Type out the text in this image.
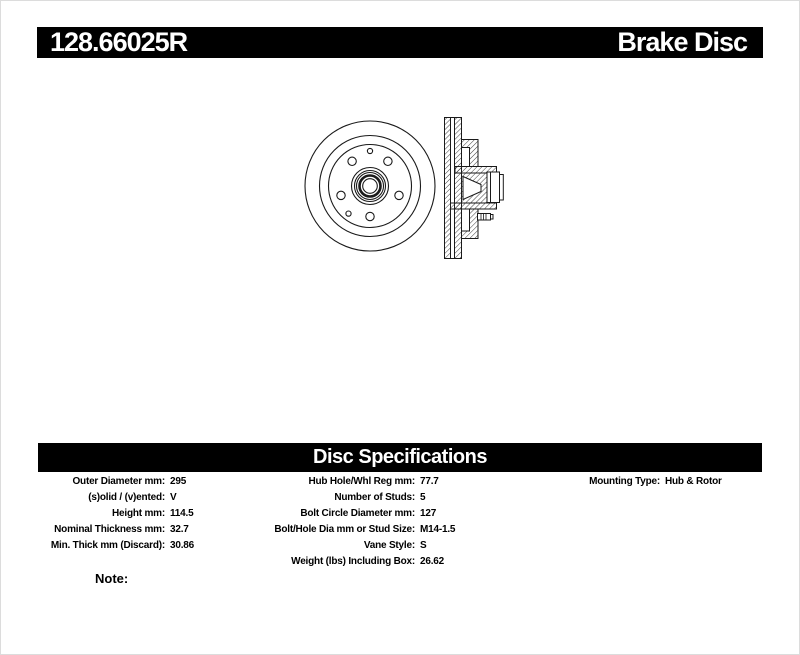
128.66025R	Brake Disc
Disc Specifications
Outer Diameter mm: 295
(s)olid / (v)ented: V
Height mm: 114.5
Nominal Thickness mm: 32.7
Min. Thick mm (Discard): 30.86
Hub Hole/Whl Reg mm: 77.7
Number of Studs: 5
Bolt Circle Diameter mm: 127
Bolt/Hole Dia mm or Stud Size: M14-1.5
Vane Style: S
Weight (lbs) Including Box: 26.62
Mounting Type: Hub & Rotor
Note:
